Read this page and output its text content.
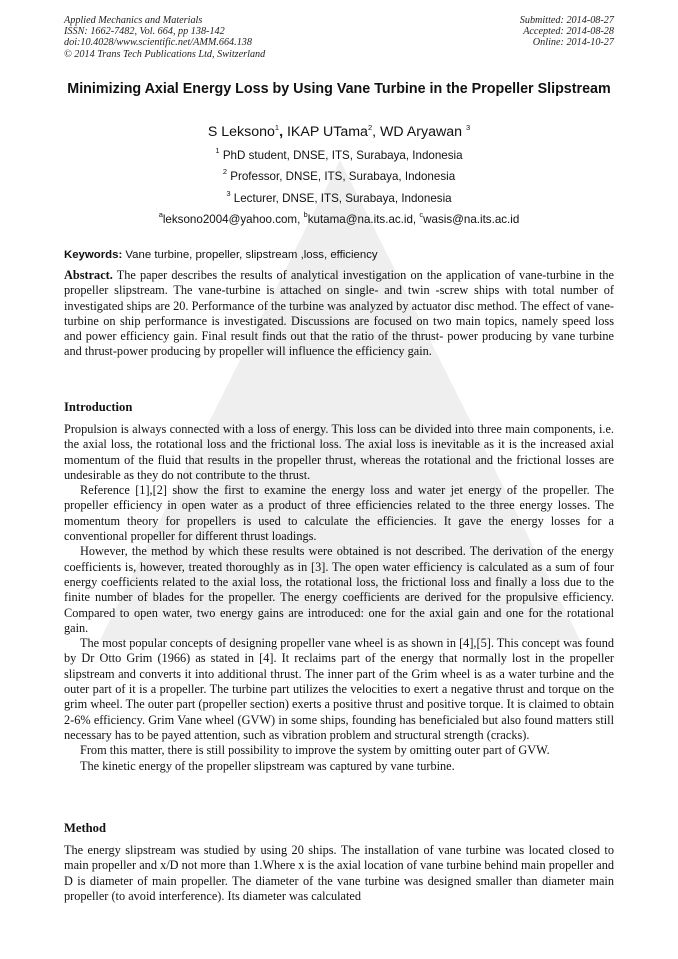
Applied Mechanics and Materials
ISSN: 1662-7482, Vol. 664, pp 138-142
doi:10.4028/www.scientific.net/AMM.664.138
© 2014 Trans Tech Publications Ltd, Switzerland
Submitted: 2014-08-27
Accepted: 2014-08-28
Online: 2014-10-27
Minimizing Axial Energy Loss by Using Vane Turbine in the Propeller Slipstream
S Leksono$^1$, IKAP UTama$^2$, WD Aryawan $^3$
$^1$ PhD student, DNSE, ITS, Surabaya, Indonesia
$^2$ Professor, DNSE, ITS, Surabaya, Indonesia
$^3$ Lecturer, DNSE, ITS, Surabaya, Indonesia
$^a$leksono2004@yahoo.com, $^b$kutama@na.its.ac.id, $^c$wasis@na.its.ac.id
Keywords: Vane turbine, propeller, slipstream ,loss, efficiency

Abstract. The paper describes the results of analytical investigation on the application of vane-turbine in the propeller slipstream. The vane-turbine is attached on single- and twin -screw ships with total number of investigated ships are 20. Performance of the turbine was analyzed by actuator disc method. The effect of vane-turbine on ship performance is investigated. Discussions are focused on two main topics, namely speed loss and power efficiency gain. Final result finds out that the ratio of the thrust- power producing by vane turbine and thrust-power producing by propeller will influence the efficiency gain.

Introduction

Propulsion is always connected with a loss of energy. This loss can be divided into three main components, i.e. the axial loss, the rotational loss and the frictional loss. The axial loss is inevitable as it is the increased axial momentum of the fluid that results in the propeller thrust, whereas the rotational and the frictional losses are undesirable as they do not contribute to the thrust.

Reference [1],[2] show the first to examine the energy loss and water jet energy of the propeller. The propeller efficiency in open water as a product of three efficiencies related to the three energy losses. The momentum theory for propellers is used to calculate the efficiencies. It gave the energy losses for a conventional propeller for different thrust loadings.

However, the method by which these results were obtained is not described. The derivation of the energy coefficients is, however, treated thoroughly as in [3]. The open water efficiency is calculated as a sum of four energy coefficients related to the axial loss, the rotational loss, the frictional loss and finally a loss due to the finite number of blades for the propeller. The energy coefficients are derived for the propulsive efficiency. Compared to open water, two energy gains are introduced: one for the axial gain and one for the rotational gain.

The most popular concepts of designing propeller vane wheel is as shown in [4],[5]. This concept was found by Dr Otto Grim (1966) as stated in [4]. It reclaims part of the energy that normally lost in the propeller slipstream and converts it into additional thrust. The inner part of the Grim wheel is as a water turbine and the outer part of it is a propeller. The turbine part utilizes the velocities to exert a negative thrust and torque on the grim wheel. The outer part (propeller section) exerts a positive thrust and positive torque. It is claimed to obtain 2-6% efficiency. Grim Vane wheel (GVW) in some ships, founding has beneficialed but also found matters still necessary has to be payed attention, such as vibration problem and structural strength (cracks).

From this matter, there is still possibility to improve the system by omitting outer part of GVW.

The kinetic energy of the propeller slipstream was captured by vane turbine.

Method

The energy slipstream was studied by using 20 ships. The installation of vane turbine was located closed to main propeller and x/D not more than 1.Where x is the axial location of vane turbine behind main propeller and D is diameter of main propeller. The diameter of the vane turbine was designed smaller than diameter main propeller (to avoid interference). Its diameter was calculated
